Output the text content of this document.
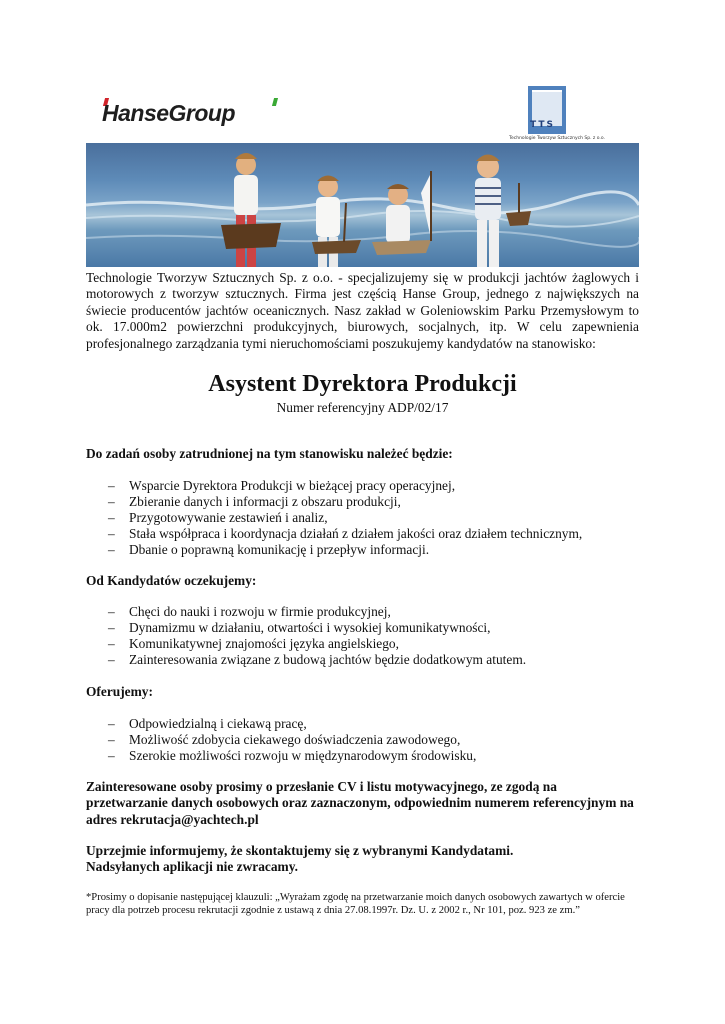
HanseGroup	TTS
Technologie Tworzyw Sztucznych Sp. z o.o.
Technologie Tworzyw Sztucznych Sp. z o.o. - specjalizujemy się w produkcji jachtów żaglowych i motorowych z tworzyw sztucznych. Firma jest częścią Hanse Group, jednego z największych na świecie producentów jachtów oceanicznych. Nasz zakład w Goleniowskim Parku Przemysłowym to ok. 17.000m2 powierzchni produkcyjnych, biurowych, socjalnych, itp. W celu zapewnienia profesjonalnego zarządzania tymi nieruchomościami poszukujemy kandydatów na stanowisko:
Asystent Dyrektora Produkcji
Numer referencyjny ADP/02/17
Do zadań osoby zatrudnionej na tym stanowisku należeć będzie:
– Wsparcie Dyrektora Produkcji w bieżącej pracy operacyjnej,
– Zbieranie danych i informacji z obszaru produkcji,
– Przygotowywanie zestawień i analiz,
– Stała współpraca i koordynacja działań z działem jakości oraz działem technicznym,
– Dbanie o poprawną komunikację i przepływ informacji.
Od Kandydatów oczekujemy:
– Chęci do nauki i rozwoju w firmie produkcyjnej,
– Dynamizmu w działaniu, otwartości i wysokiej komunikatywności,
– Komunikatywnej znajomości języka angielskiego,
– Zainteresowania związane z budową jachtów będzie dodatkowym atutem.
Oferujemy:
– Odpowiedzialną i ciekawą pracę,
– Możliwość zdobycia ciekawego doświadczenia zawodowego,
– Szerokie możliwości rozwoju w międzynarodowym środowisku,
Zainteresowane osoby prosimy o przesłanie CV i listu motywacyjnego, ze zgodą na przetwarzanie danych osobowych oraz zaznaczonym, odpowiednim numerem referencyjnym na adres rekrutacja@yachtech.pl
Uprzejmie informujemy, że skontaktujemy się z wybranymi Kandydatami.
Nadsyłanych aplikacji nie zwracamy.
*Prosimy o dopisanie następującej klauzuli: „Wyrażam zgodę na przetwarzanie moich danych osobowych zawartych w ofercie pracy dla potrzeb procesu rekrutacji zgodnie z ustawą z dnia 27.08.1997r. Dz. U. z 2002 r., Nr 101, poz. 923 ze zm.”
